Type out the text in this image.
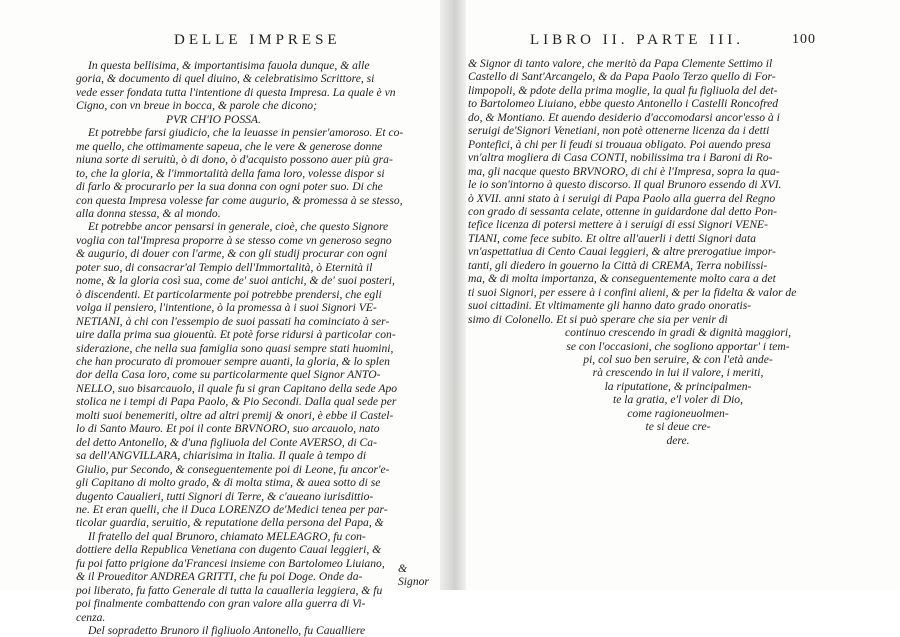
DELLE IMPRESE
In questa bellisima, & importantisima fauola dunque, & alle
goria, & documento di quel diuino, & celebratisimo Scrittore, si
vede esser fondata tutta l'intentione di questa Impresa. La quale è vn
Cigno, con vn breue in bocca, & parole che dicono;
PVR CH'IO POSSA.
Et potrebbe farsi giudicio, che la leuasse in pensier'amoroso. Et co-
me quello, che ottimamente sapeua, che le vere & generose donne
niuna sorte di seruitù, ò di dono, ò d'acquisto possono auer più gra-
to, che la gloria, & l'immortalità della fama loro, volesse dispor si
di farlo & procurarlo per la sua donna con ogni poter suo. Di che
con questa Impresa volesse far come augurio, & promessa à se stesso,
alla donna stessa, & al mondo.
Et potrebbe ancor pensarsi in generale, cioè, che questo Signore
voglia con tal'Impresa proporre à se stesso come vn generoso segno
& augurio, di douer con l'arme, & con gli studij procurar con ogni
poter suo, di consacrar'al Tempio dell'Immortalità, ò Eternità il
nome, & la gloria così sua, come de' suoi antichi, & de' suoi posteri,
ò discendenti. Et particolarmente poi potrebbe prendersi, che egli
volga il pensiero, l'intentione, ò la promessa à i suoi Signori VE-
NETIANI, à chi con l'essempio de suoi passati ha cominciato à ser-
uire dalla prima sua giouentù. Et potè forse ridursi à particolar con-
siderazione, che nella sua famiglia sono quasi sempre stati huomini,
che han procurato di promouer sempre auanti, la gloria, & lo splen
dor della Casa loro, come su particolarmente quel Signor ANTO-
NELLO, suo bisarcauolo, il quale fu si gran Capitano della sede Apo
stolica ne i tempi di Papa Paolo, & Pio Secondi. Dalla qual sede per
molti suoi benemeriti, oltre ad altri premij & onori, è ebbe il Castel-
lo di Santo Mauro. Et poi il conte BRVNORO, suo arcauolo, nato
del detto Antonello, & d'una figliuola del Conte AVERSO, di Ca-
sa dell'ANGVILLARA, chiarisima in Italia. Il quale à tempo di
Giulio, pur Secondo, & conseguentemente poi di Leone, fu ancor'e-
gli Capitano di molto grado, & di molta stima, & auea sotto di se
dugento Caualieri, tutti Signori di Terre, & c'aueano iurisdittio-
ne. Et eran quelli, che il Duca LORENZO de'Medici tenea per par-
ticolar guardia, seruitio, & reputatione della persona del Papa, &
Il fratello del qual Brunoro, chiamato MELEAGRO, fu con-
dottiere della Republica Venetiana con dugento Cauai leggieri, &
fu poi fatto prigione da'Francesi insieme con Bartolomeo Liuiano,
& il Proueditor ANDREA GRITTI, che fu poi Doge. Onde da-
poi liberato, fu fatto Generale di tutta la caualleria leggiera, & fu
poi finalmente combattendo con gran valore alla guerra di Vi-
cenza.
Del sopradetto Brunoro il figliuolo Antonello, fu Caualliere
& Signor
LIBRO II. PARTE III.	100
& Signor di tanto valore, che meritò da Papa Clemente Settimo il
Castello di Sant'Arcangelo, & da Papa Paolo Terzo quello di For-
limpopoli, & pdote della prima moglie, la qual fu figliuola del det-
to Bartolomeo Liuiano, ebbe questo Antonello i Castelli Roncofred
do, & Montiano. Et auendo desiderio d'accomodarsi ancor'esso à i
seruigi de'Signori Venetiani, non potè ottenerne licenza da i detti
Pontefici, à chi per li feudi si trouaua obligato. Poi auendo presa
vn'altra mogliera di Casa CONTI, nobilissima tra i Baroni di Ro-
ma, gli nacque questo BRVNORO, di chi è l'Impresa, sopra la qua-
le io son'intorno à questo discorso. Il qual Brunoro essendo di XVI.
ò XVII. anni stato à i seruigi di Papa Paolo alla guerra del Regno
con grado di sessanta celate, ottenne in guidardone dal detto Pon-
tefice licenza di potersi mettere à i seruigi di essi Signori VENE-
TIANI, come fece subito. Et oltre all'auerli i detti Signori data
vn'aspettatiua di Cento Cauai leggieri, & altre prerogatiue impor-
tanti, gli diedero in gouerno la Città di CREMA, Terra nobilissi-
ma, & di molta importanza, & conseguentemente molto cara a det
ti suoi Signori, per essere à i confini alieni, & per la fidelta & valor de
suoi cittadini. Et vltimamente gli hanno dato grado onoratis-
simo di Colonello. Et si può sperare che sia per venir di
continuo crescendo in gradi & dignità maggiori,
se con l'occasioni, che sogliono apportar' i tem-
pi, col suo ben seruire, & con l'età ande-
rà crescendo in lui il valore, i meriti,
la riputatione, & principalmen-
te la gratia, e'l voler di Dio,
come ragioneuolmen-
te si deue cre-
dere.
